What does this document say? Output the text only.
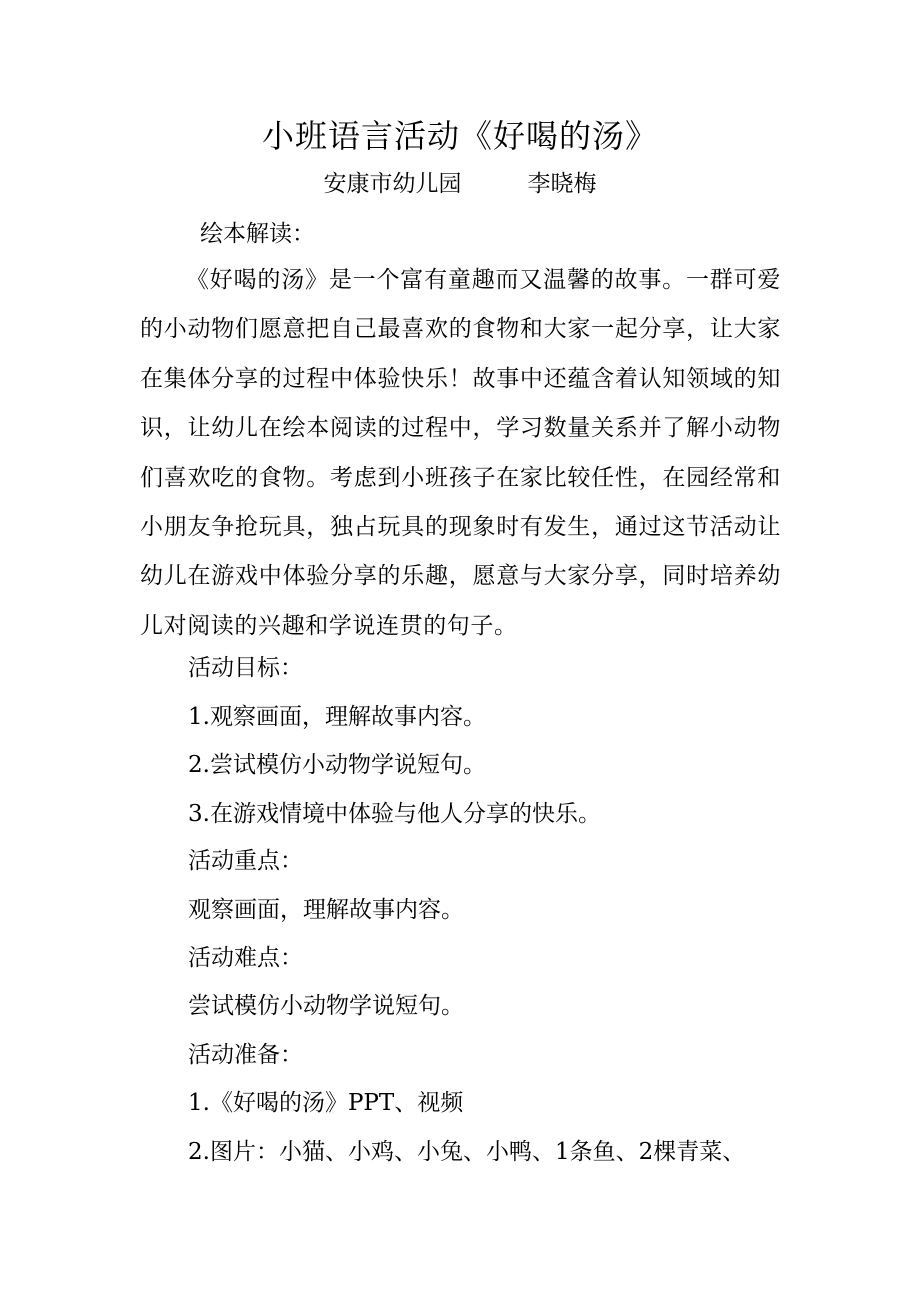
小班语言活动《好喝的汤》
安康市幼儿园	李晓梅
绘本解读：

《好喝的汤》是一个富有童趣而又温馨的故事。一群可爱的小动物们愿意把自己最喜欢的食物和大家一起分享，让大家在集体分享的过程中体验快乐！故事中还蕴含着认知领域的知识，让幼儿在绘本阅读的过程中，学习数量关系并了解小动物们喜欢吃的食物。考虑到小班孩子在家比较任性，在园经常和小朋友争抢玩具，独占玩具的现象时有发生，通过这节活动让幼儿在游戏中体验分享的乐趣，愿意与大家分享，同时培养幼儿对阅读的兴趣和学说连贯的句子。

活动目标：
1.观察画面，理解故事内容。
2.尝试模仿小动物学说短句。
3.在游戏情境中体验与他人分享的快乐。
活动重点：
观察画面，理解故事内容。
活动难点：
尝试模仿小动物学说短句。
活动准备：
1.《好喝的汤》PPT、视频
2.图片：小猫、小鸡、小兔、小鸭、1条鱼、2棵青菜、
